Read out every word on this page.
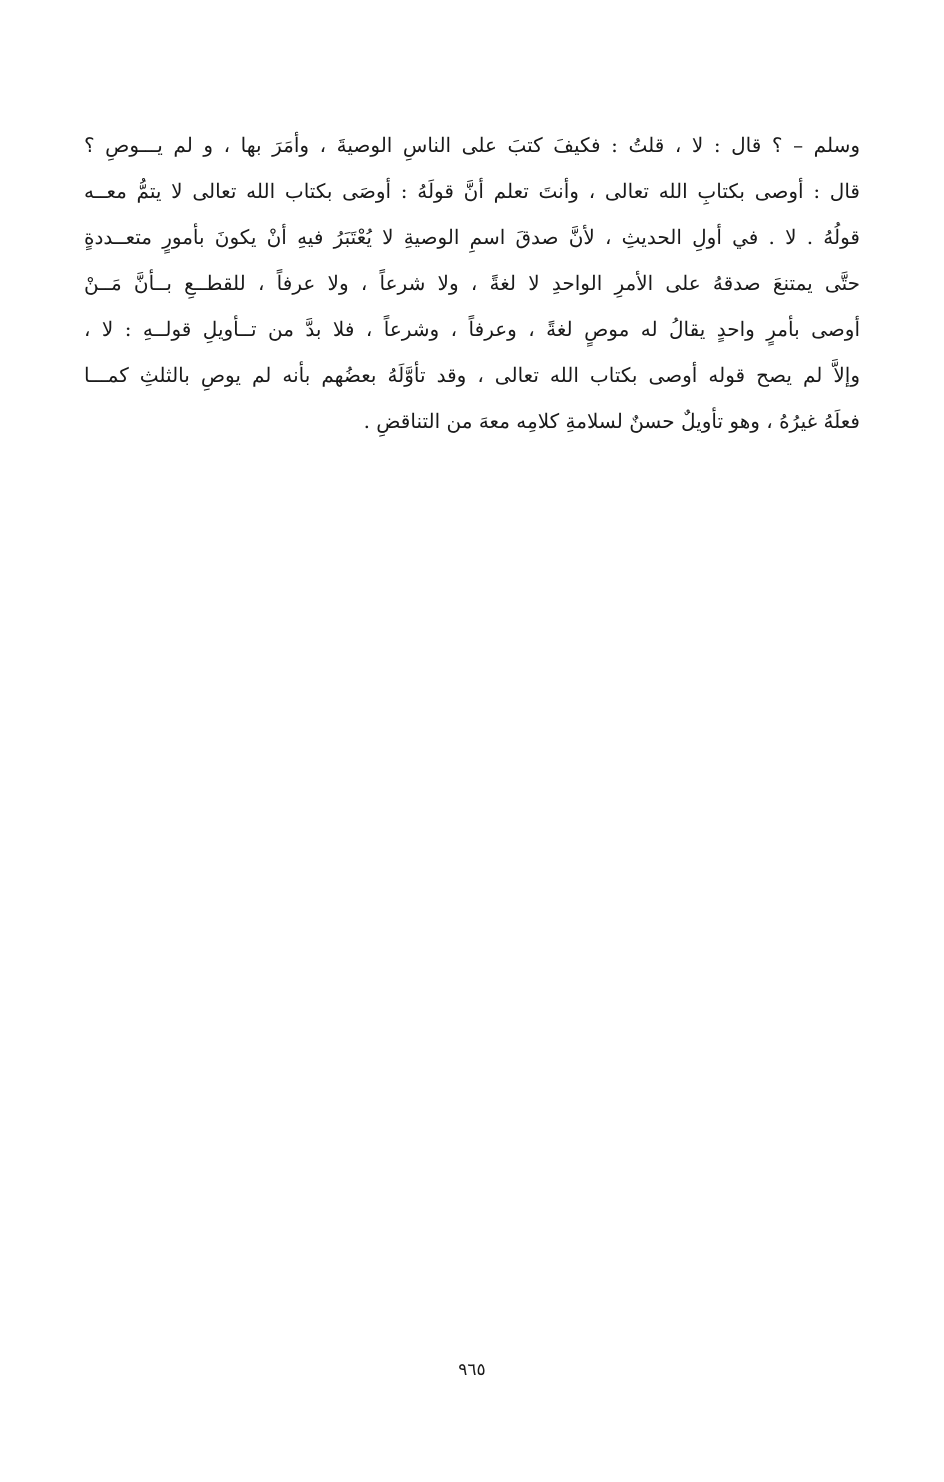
وسلم – ؟ قال : لا ، قلتُ : فكيفَ كتبَ على الناسِ الوصيةَ ، وأمَرَ بها ، و لم يـــوصِ ؟
قال : أوصى بكتابِ الله تعالى ، وأنتَ تعلم أنَّ قولَهُ : أوصَى بكتاب الله تعالى لا يتمُّ معــه
قولُهُ . لا . في أولِ الحديثِ ، لأنَّ صدقَ اسمِ الوصيةِ لا يُعْتَبَرُ فيهِ أنْ يكونَ بأمورٍ متعــددةٍ
حتَّى يمتنعَ صدقهُ على الأمرِ الواحدِ لا لغةً ، ولا شرعاً ، ولا عرفاً ، للقطــعِ بــأنَّ مَــنْ
أوصى بأمرٍ واحدٍ يقالُ له موصٍ لغةً ، وعرفاً ، وشرعاً ، فلا بدَّ من تــأويلِ قولــهِ : لا ،
وإلاَّ لم يصح قوله أوصى بكتاب الله تعالى ، وقد تأوَّلَهُ بعضُهم بأنه لم يوصِ بالثلثِ كمـــا
فعلَهُ غيرُهُ ، وهو تأويلٌ حسنٌ لسلامةِ كلامِه معهَ من التناقضِ .
٩٦٥
